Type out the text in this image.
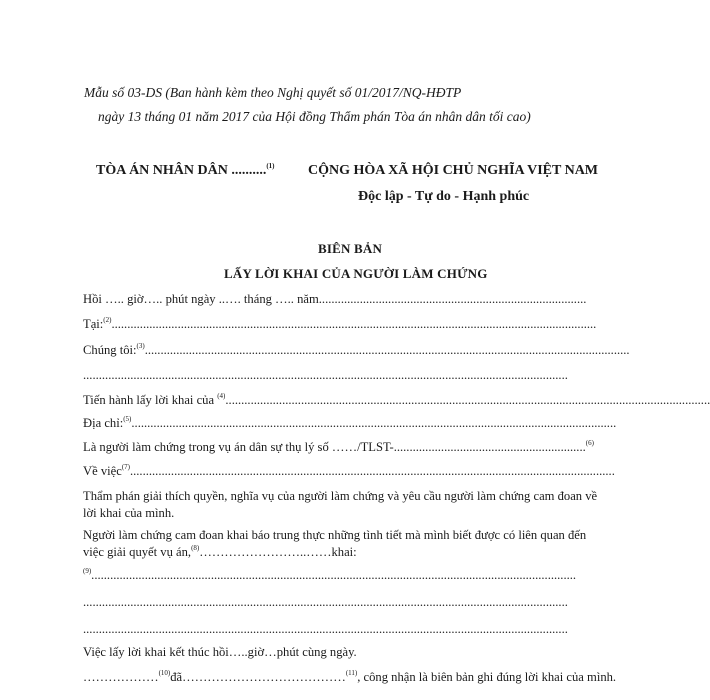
Mẫu số 03-DS (Ban hành kèm theo Nghị quyết số 01/2017/NQ-HĐTP
ngày 13 tháng 01 năm 2017 của Hội đồng Thẩm phán Tòa án nhân dân tối cao)
TÒA ÁN NHÂN DÂN ..........$^{(1)}$ CỘNG HÒA XÃ HỘI CHỦ NGHĨA VIỆT NAM
Độc lập - Tự do - Hạnh phúc
BIÊN BẢN
LẤY LỜI KHAI CỦA NGƯỜI LÀM CHỨNG
Hồi ….. giờ….. phút ngày ..…. tháng ….. năm.....................................................................................
Tại:$^{(2)}$..........................................................................................................................................................
Chúng tôi:$^{(3)}$..........................................................................................................................................................
..........................................................................................................................................................
Tiến hành lấy lời khai của $^{(4)}$..........................................................................................................................................................
Địa chỉ:$^{(5)}$..........................................................................................................................................................
Là người làm chứng trong vụ án dân sự thụ lý số ……/TLST-.............................................................$^{(6)}$
Về việc$^{(7)}$..........................................................................................................................................................
Thẩm phán giải thích quyền, nghĩa vụ của người làm chứng và yêu cầu người làm chứng cam đoan về lời khai của mình.
Người làm chứng cam đoan khai báo trung thực những tình tiết mà mình biết được có liên quan đến việc giải quyết vụ án,$^{(8)}$……………………..……khai:
$^{(9)}$..........................................................................................................................................................
..........................................................................................................................................................
..........................................................................................................................................................
Việc lấy lời khai kết thúc hồi…..giờ…phút cùng ngày.
………………$^{(10)}$đã…………………………………$^{(11)}$, công nhận là biên bản ghi đúng lời khai của mình.
